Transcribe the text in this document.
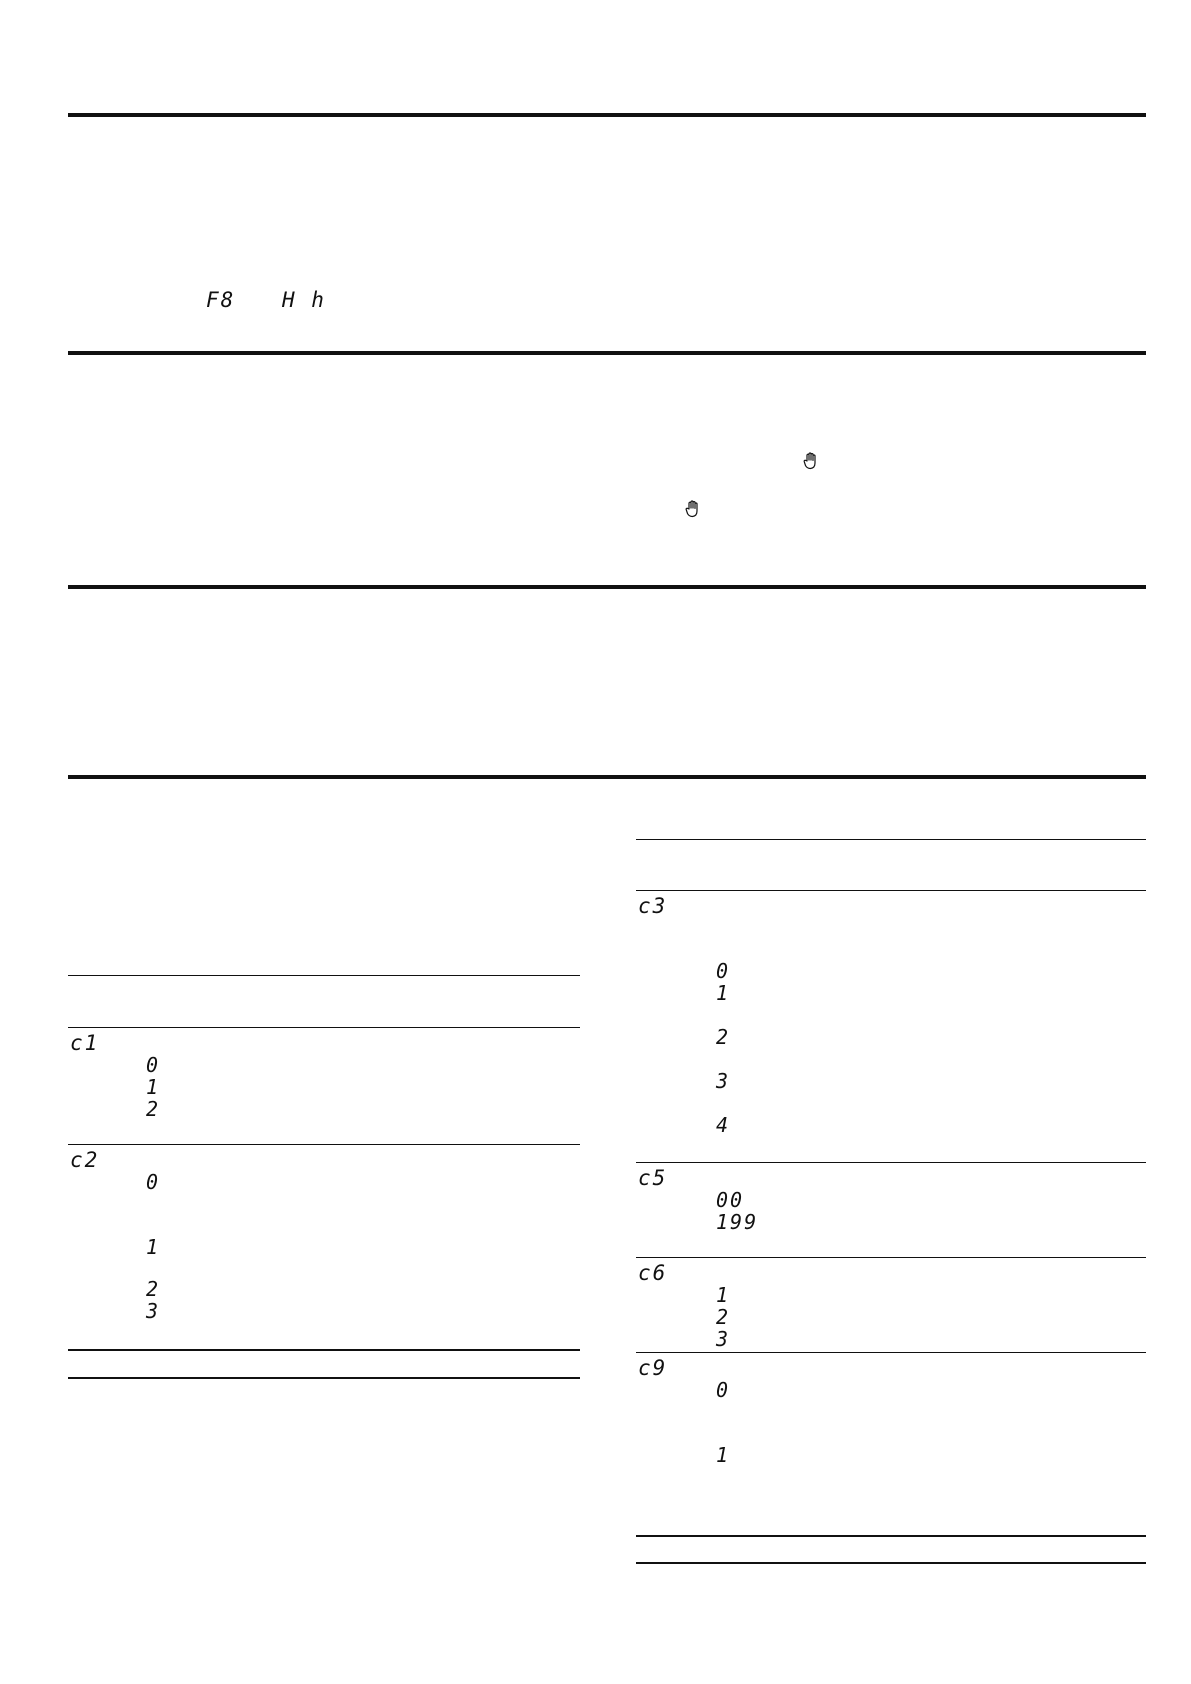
F8 H h
c1
0
1
2
c2
0
1
2
3
c3
0
1
2
3
4
c5
00
199
c6
1
2
3
c9
0
1
